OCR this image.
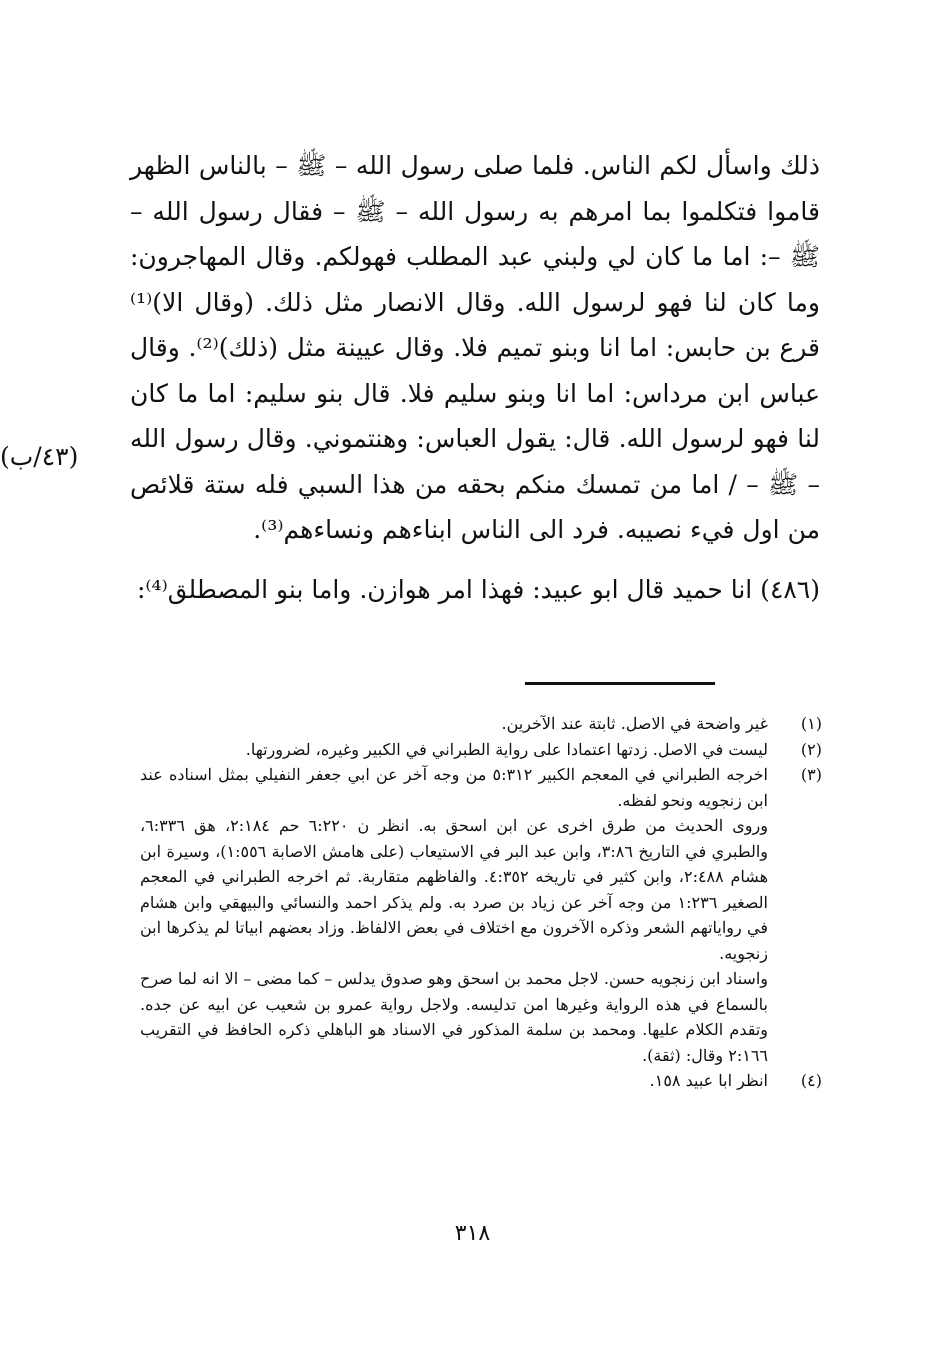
ذلك واسأل لكم الناس. فلما صلى رسول الله – ﷺ – بالناس الظهر قاموا فتكلموا بما امرهم به رسول الله – ﷺ – فقال رسول الله – ﷺ –: اما ما كان لي ولبني عبد المطلب فهولكم. وقال المهاجرون: وما كان لنا فهو لرسول الله. وقال الانصار مثل ذلك. (وقال الا)⁽¹⁾ قرع بن حابس: اما انا وبنو تميم فلا. وقال عيينة مثل (ذلك)⁽²⁾. وقال عباس ابن مرداس: اما انا وبنو سليم فلا. قال بنو سليم: اما ما كان لنا فهو لرسول الله. قال: يقول العباس: وهنتموني. وقال رسول الله – ﷺ – / اما من تمسك منكم بحقه من هذا السبي فله ستة قلائص من اول فيء نصيبه. فرد الى الناس ابناءهم ونساءهم⁽³⁾.

(٤٨٦) انا حميد قال ابو عبيد: فهذا امر هوازن. واما بنو المصطلق⁽⁴⁾:

(٤٣/ب)
(١)
غير واضحة في الاصل. ثابتة عند الآخرين.
(٢)
ليست في الاصل. زدتها اعتمادا على رواية الطبراني في الكبير وغيره، لضرورتها.
(٣)
اخرجه الطبراني في المعجم الكبير ٥:٣١٢ من وجه آخر عن ابي جعفر النفيلي بمثل اسناده عند ابن زنجويه ونحو لفظه.
وروى الحديث من طرق اخرى عن ابن اسحق به. انظر ن ٦:٢٢٠ حم ٢:١٨٤، هق ٦:٣٣٦، والطبري في التاريخ ٣:٨٦، وابن عبد البر في الاستيعاب (على هامش الاصابة ١:٥٥٦)، وسيرة ابن هشام ٢:٤٨٨، وابن كثير في تاريخه ٤:٣٥٢. والفاظهم متقاربة. ثم اخرجه الطبراني في المعجم الصغير ١:٢٣٦ من وجه آخر عن زياد بن صرد به. ولم يذكر احمد والنسائي والبيهقي وابن هشام في رواياتهم الشعر وذكره الآخرون مع اختلاف في بعض الالفاظ. وزاد بعضهم ابياتا لم يذكرها ابن زنجويه.
واسناد ابن زنجويه حسن. لاجل محمد بن اسحق وهو صدوق يدلس – كما مضى – الا انه لما صرح بالسماع في هذه الرواية وغيرها امن تدليسه. ولاجل رواية عمرو بن شعيب عن ابيه عن جده. وتقدم الكلام عليها. ومحمد بن سلمة المذكور في الاسناد هو الباهلي ذكره الحافظ في التقريب ٢:١٦٦ وقال: (ثقة).
(٤)
انظر ابا عبيد ١٥٨.
٣١٨
